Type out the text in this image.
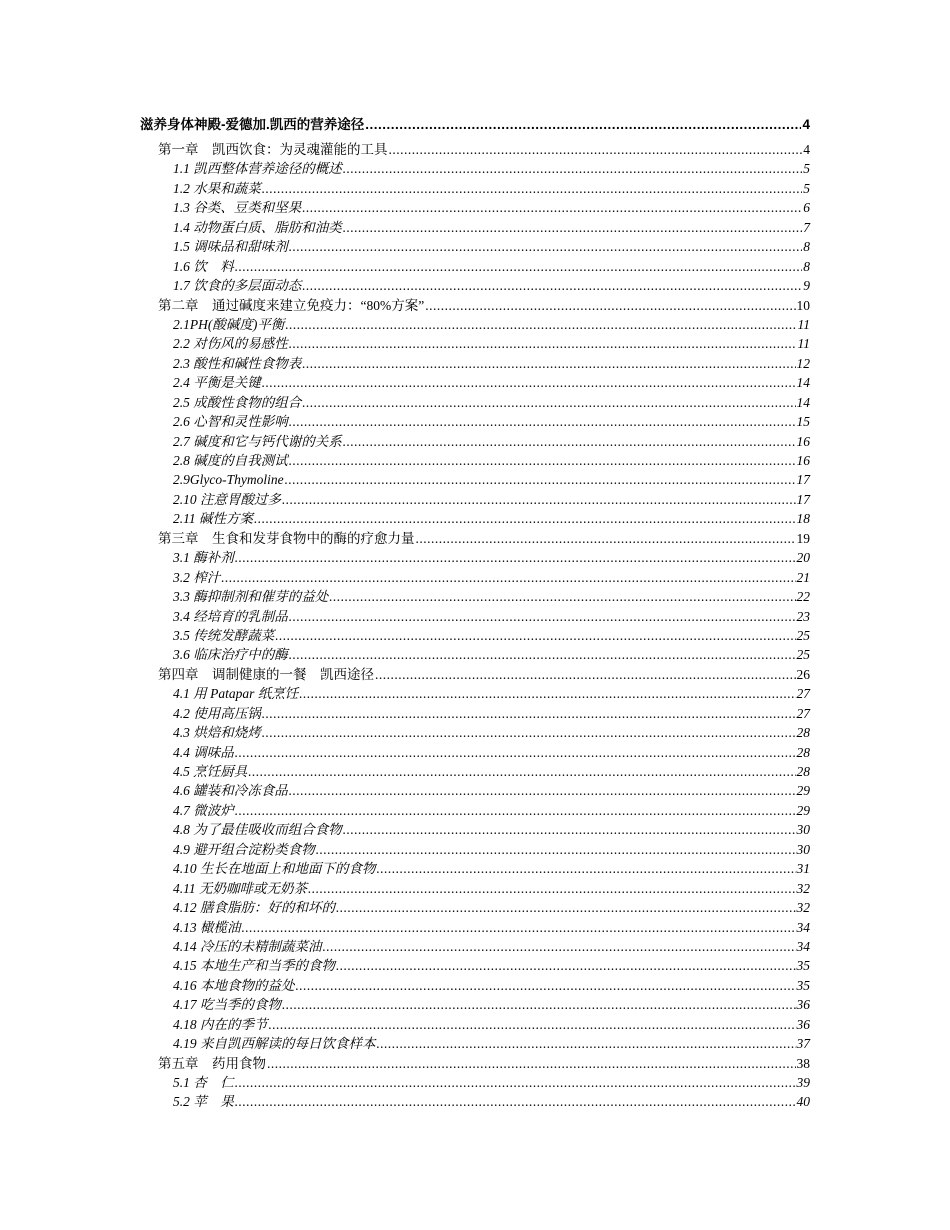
滋养身体神殿-爱德加.凯西的营养途径 .....	4
第一章　凯西饮食：为灵魂灌能的工具 .....	4
1.1 凯西整体营养途径的概述 .....	5
1.2 水果和蔬菜 .....	5
1.3 谷类、豆类和坚果 .....	6
1.4 动物蛋白质、脂肪和油类 .....	7
1.5 调味品和甜味剂 .....	8
1.6 饮　料 .....	8
1.7 饮食的多层面动态 .....	9
第二章　通过碱度来建立免疫力：“80%方案” .....	10
2.1PH(酸碱度)平衡 .....	11
2.2 对伤风的易感性 .....	11
2.3 酸性和碱性食物表 .....	12
2.4 平衡是关键 .....	14
2.5 成酸性食物的组合 .....	14
2.6 心智和灵性影响 .....	15
2.7 碱度和它与钙代谢的关系 .....	16
2.8 碱度的自我测试 .....	16
2.9Glyco-Thymoline .....	17
2.10 注意胃酸过多 .....	17
2.11 碱性方案 .....	18
第三章　生食和发芽食物中的酶的疗愈力量 .....	19
3.1 酶补剂 .....	20
3.2 榨汁 .....	21
3.3 酶抑制剂和催芽的益处 .....	22
3.4 经培育的乳制品 .....	23
3.5 传统发酵蔬菜 .....	25
3.6 临床治疗中的酶 .....	25
第四章　调制健康的一餐　凯西途径 .....	26
4.1 用 Patapar 纸烹饪 .....	27
4.2 使用高压锅 .....	27
4.3 烘焙和烧烤 .....	28
4.4 调味品 .....	28
4.5 烹饪厨具 .....	28
4.6 罐装和冷冻食品 .....	29
4.7 微波炉 .....	29
4.8 为了最佳吸收而组合食物 .....	30
4.9 避开组合淀粉类食物 .....	30
4.10 生长在地面上和地面下的食物 .....	31
4.11 无奶咖啡或无奶茶 .....	32
4.12 膳食脂肪：好的和坏的 .....	32
4.13 橄榄油 .....	34
4.14 冷压的未精制蔬菜油 .....	34
4.15 本地生产和当季的食物 .....	35
4.16 本地食物的益处 .....	35
4.17 吃当季的食物 .....	36
4.18 内在的季节 .....	36
4.19 来自凯西解读的每日饮食样本 .....	37
第五章　药用食物 .....	38
5.1 杏　仁 .....	39
5.2 苹　果 .....	40
